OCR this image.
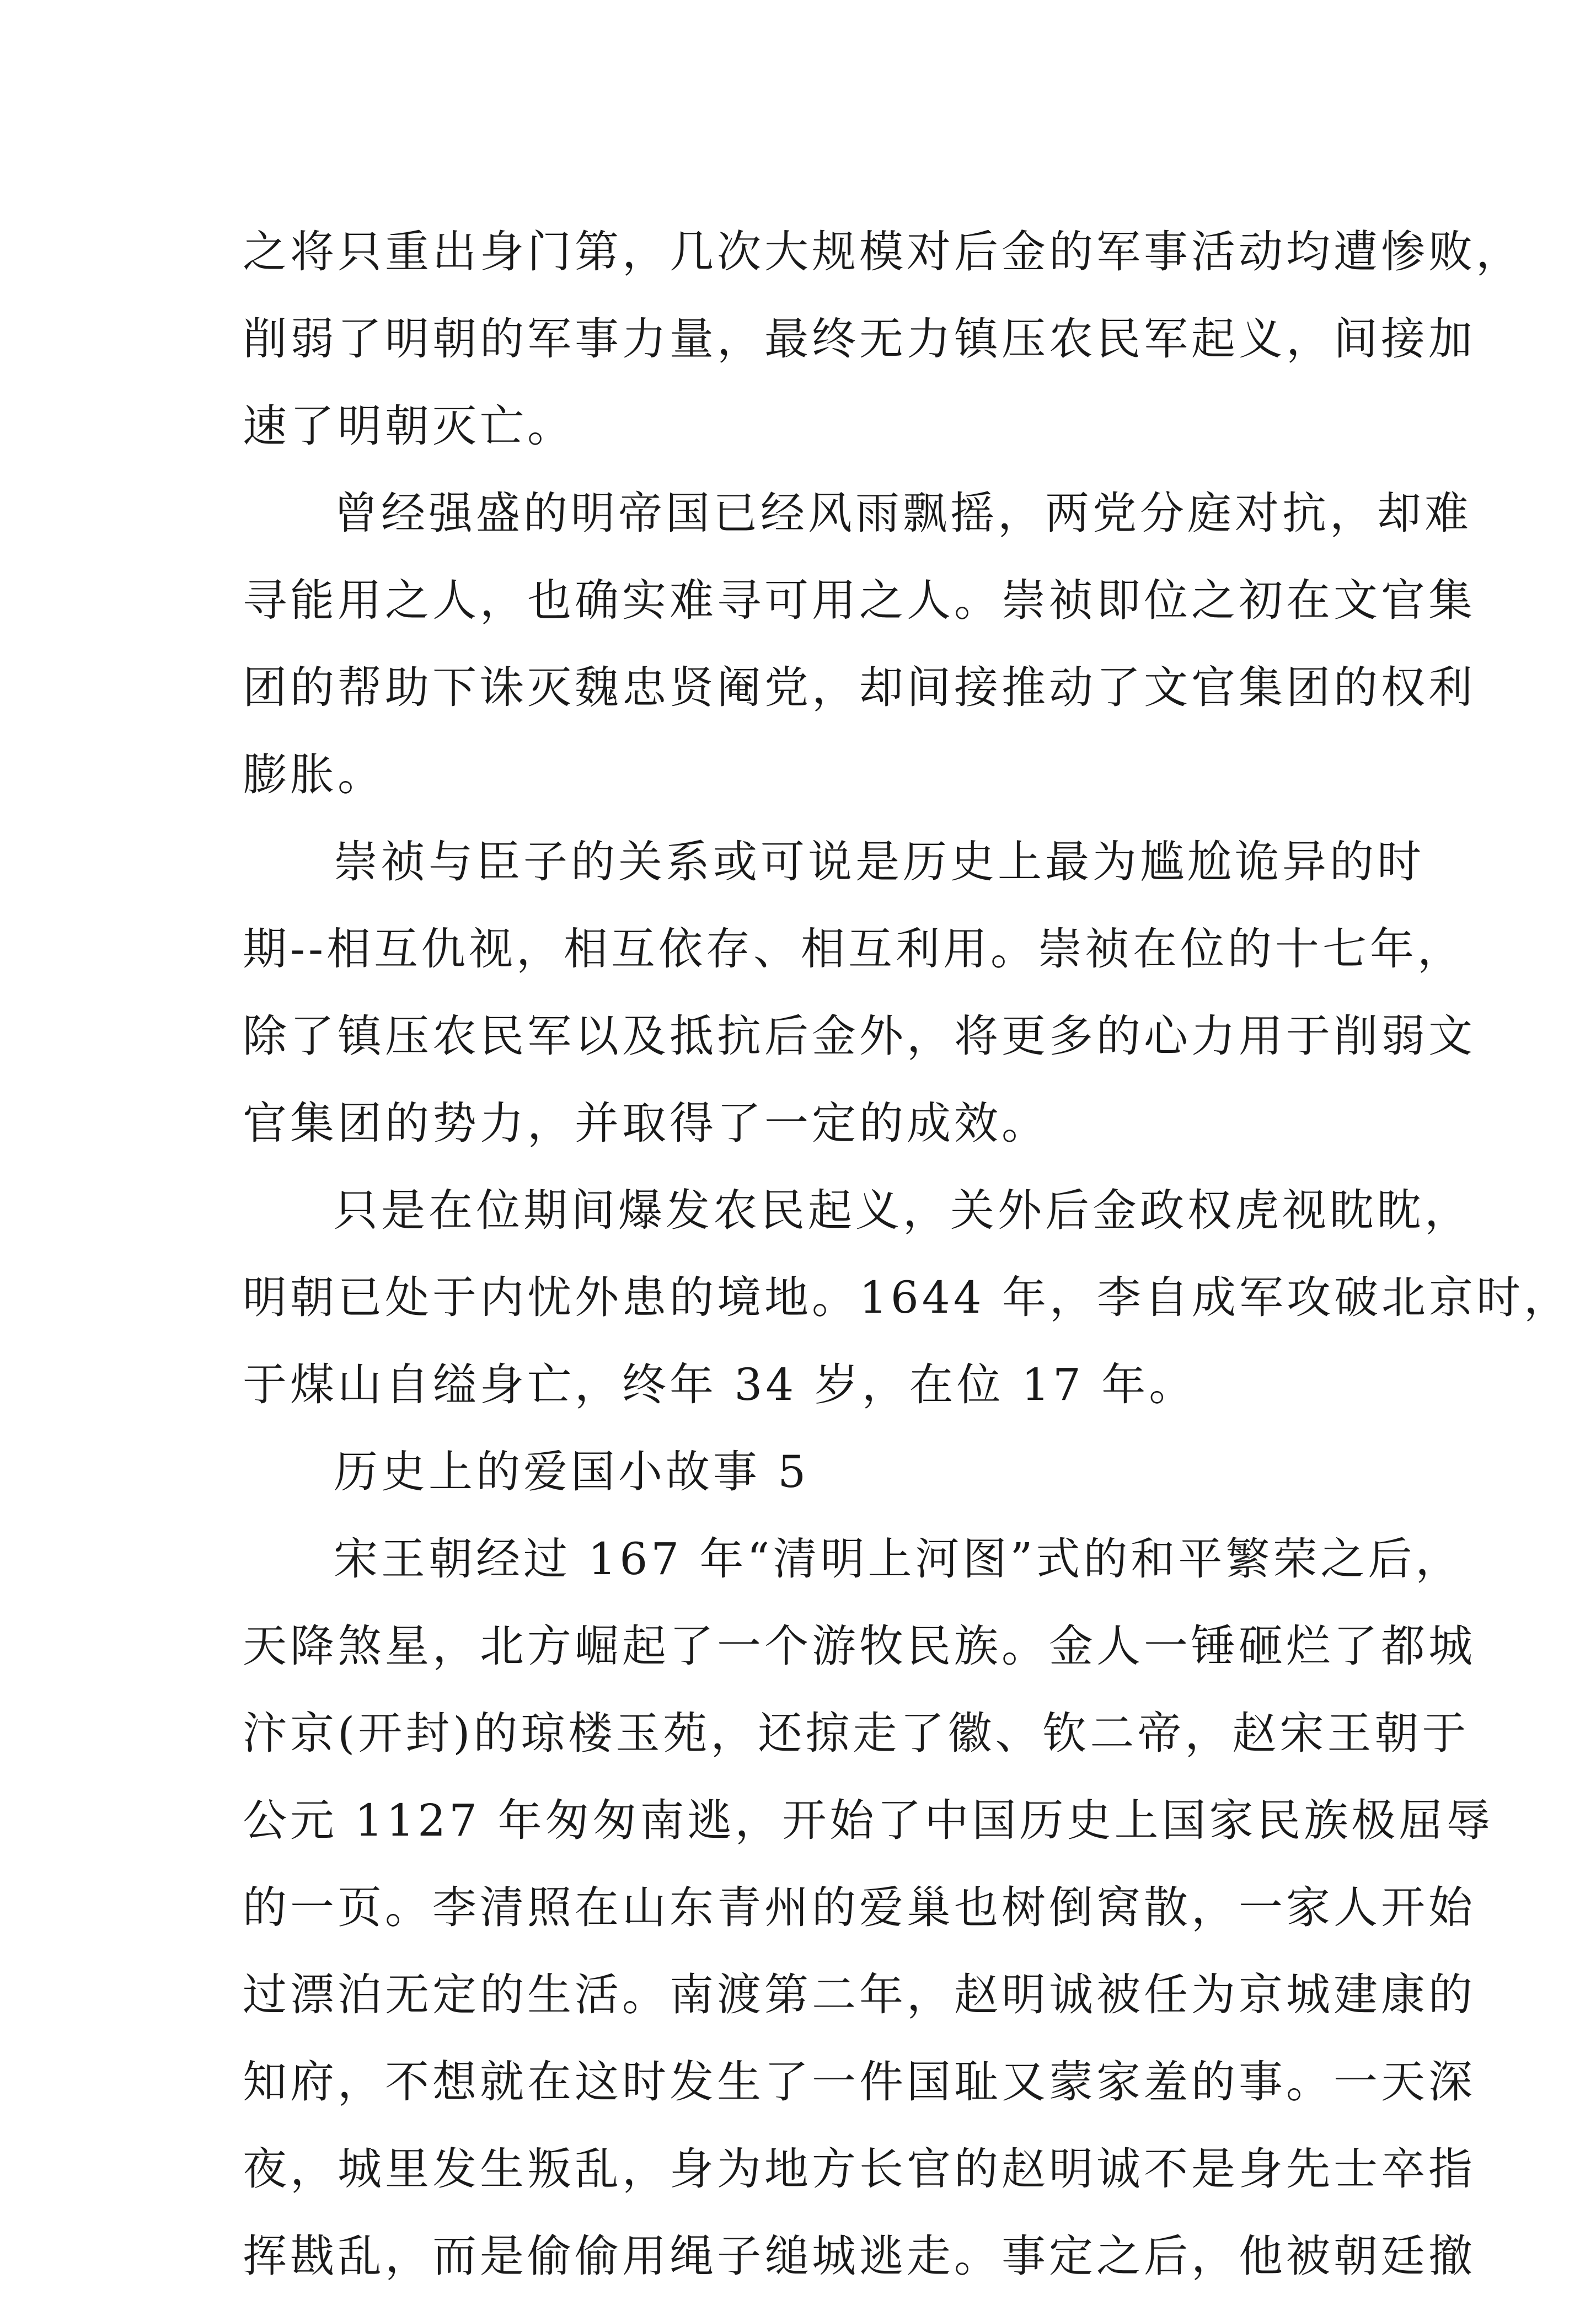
之将只重出身门第，几次大规模对后金的军事活动均遭惨败，
削弱了明朝的军事力量，最终无力镇压农民军起义，间接加
速了明朝灭亡。
曾经强盛的明帝国已经风雨飘摇，两党分庭对抗，却难
寻能用之人，也确实难寻可用之人。崇祯即位之初在文官集
团的帮助下诛灭魏忠贤阉党，却间接推动了文官集团的权利
膨胀。
崇祯与臣子的关系或可说是历史上最为尴尬诡异的时
期--相互仇视，相互依存、相互利用。崇祯在位的十七年，
除了镇压农民军以及抵抗后金外，将更多的心力用于削弱文
官集团的势力，并取得了一定的成效。
只是在位期间爆发农民起义，关外后金政权虎视眈眈，
明朝已处于内忧外患的境地。1644 年，李自成军攻破北京时，
于煤山自缢身亡，终年 34 岁，在位 17 年。
历史上的爱国小故事 5
宋王朝经过 167 年“清明上河图”式的和平繁荣之后，
天降煞星，北方崛起了一个游牧民族。金人一锤砸烂了都城
汴京(开封)的琼楼玉苑，还掠走了徽、钦二帝，赵宋王朝于
公元 1127 年匆匆南逃，开始了中国历史上国家民族极屈辱
的一页。李清照在山东青州的爱巢也树倒窝散，一家人开始
过漂泊无定的生活。南渡第二年，赵明诚被任为京城建康的
知府，不想就在这时发生了一件国耻又蒙家羞的事。一天深
夜，城里发生叛乱，身为地方长官的赵明诚不是身先士卒指
挥戡乱，而是偷偷用绳子缒城逃走。事定之后，他被朝廷撤
